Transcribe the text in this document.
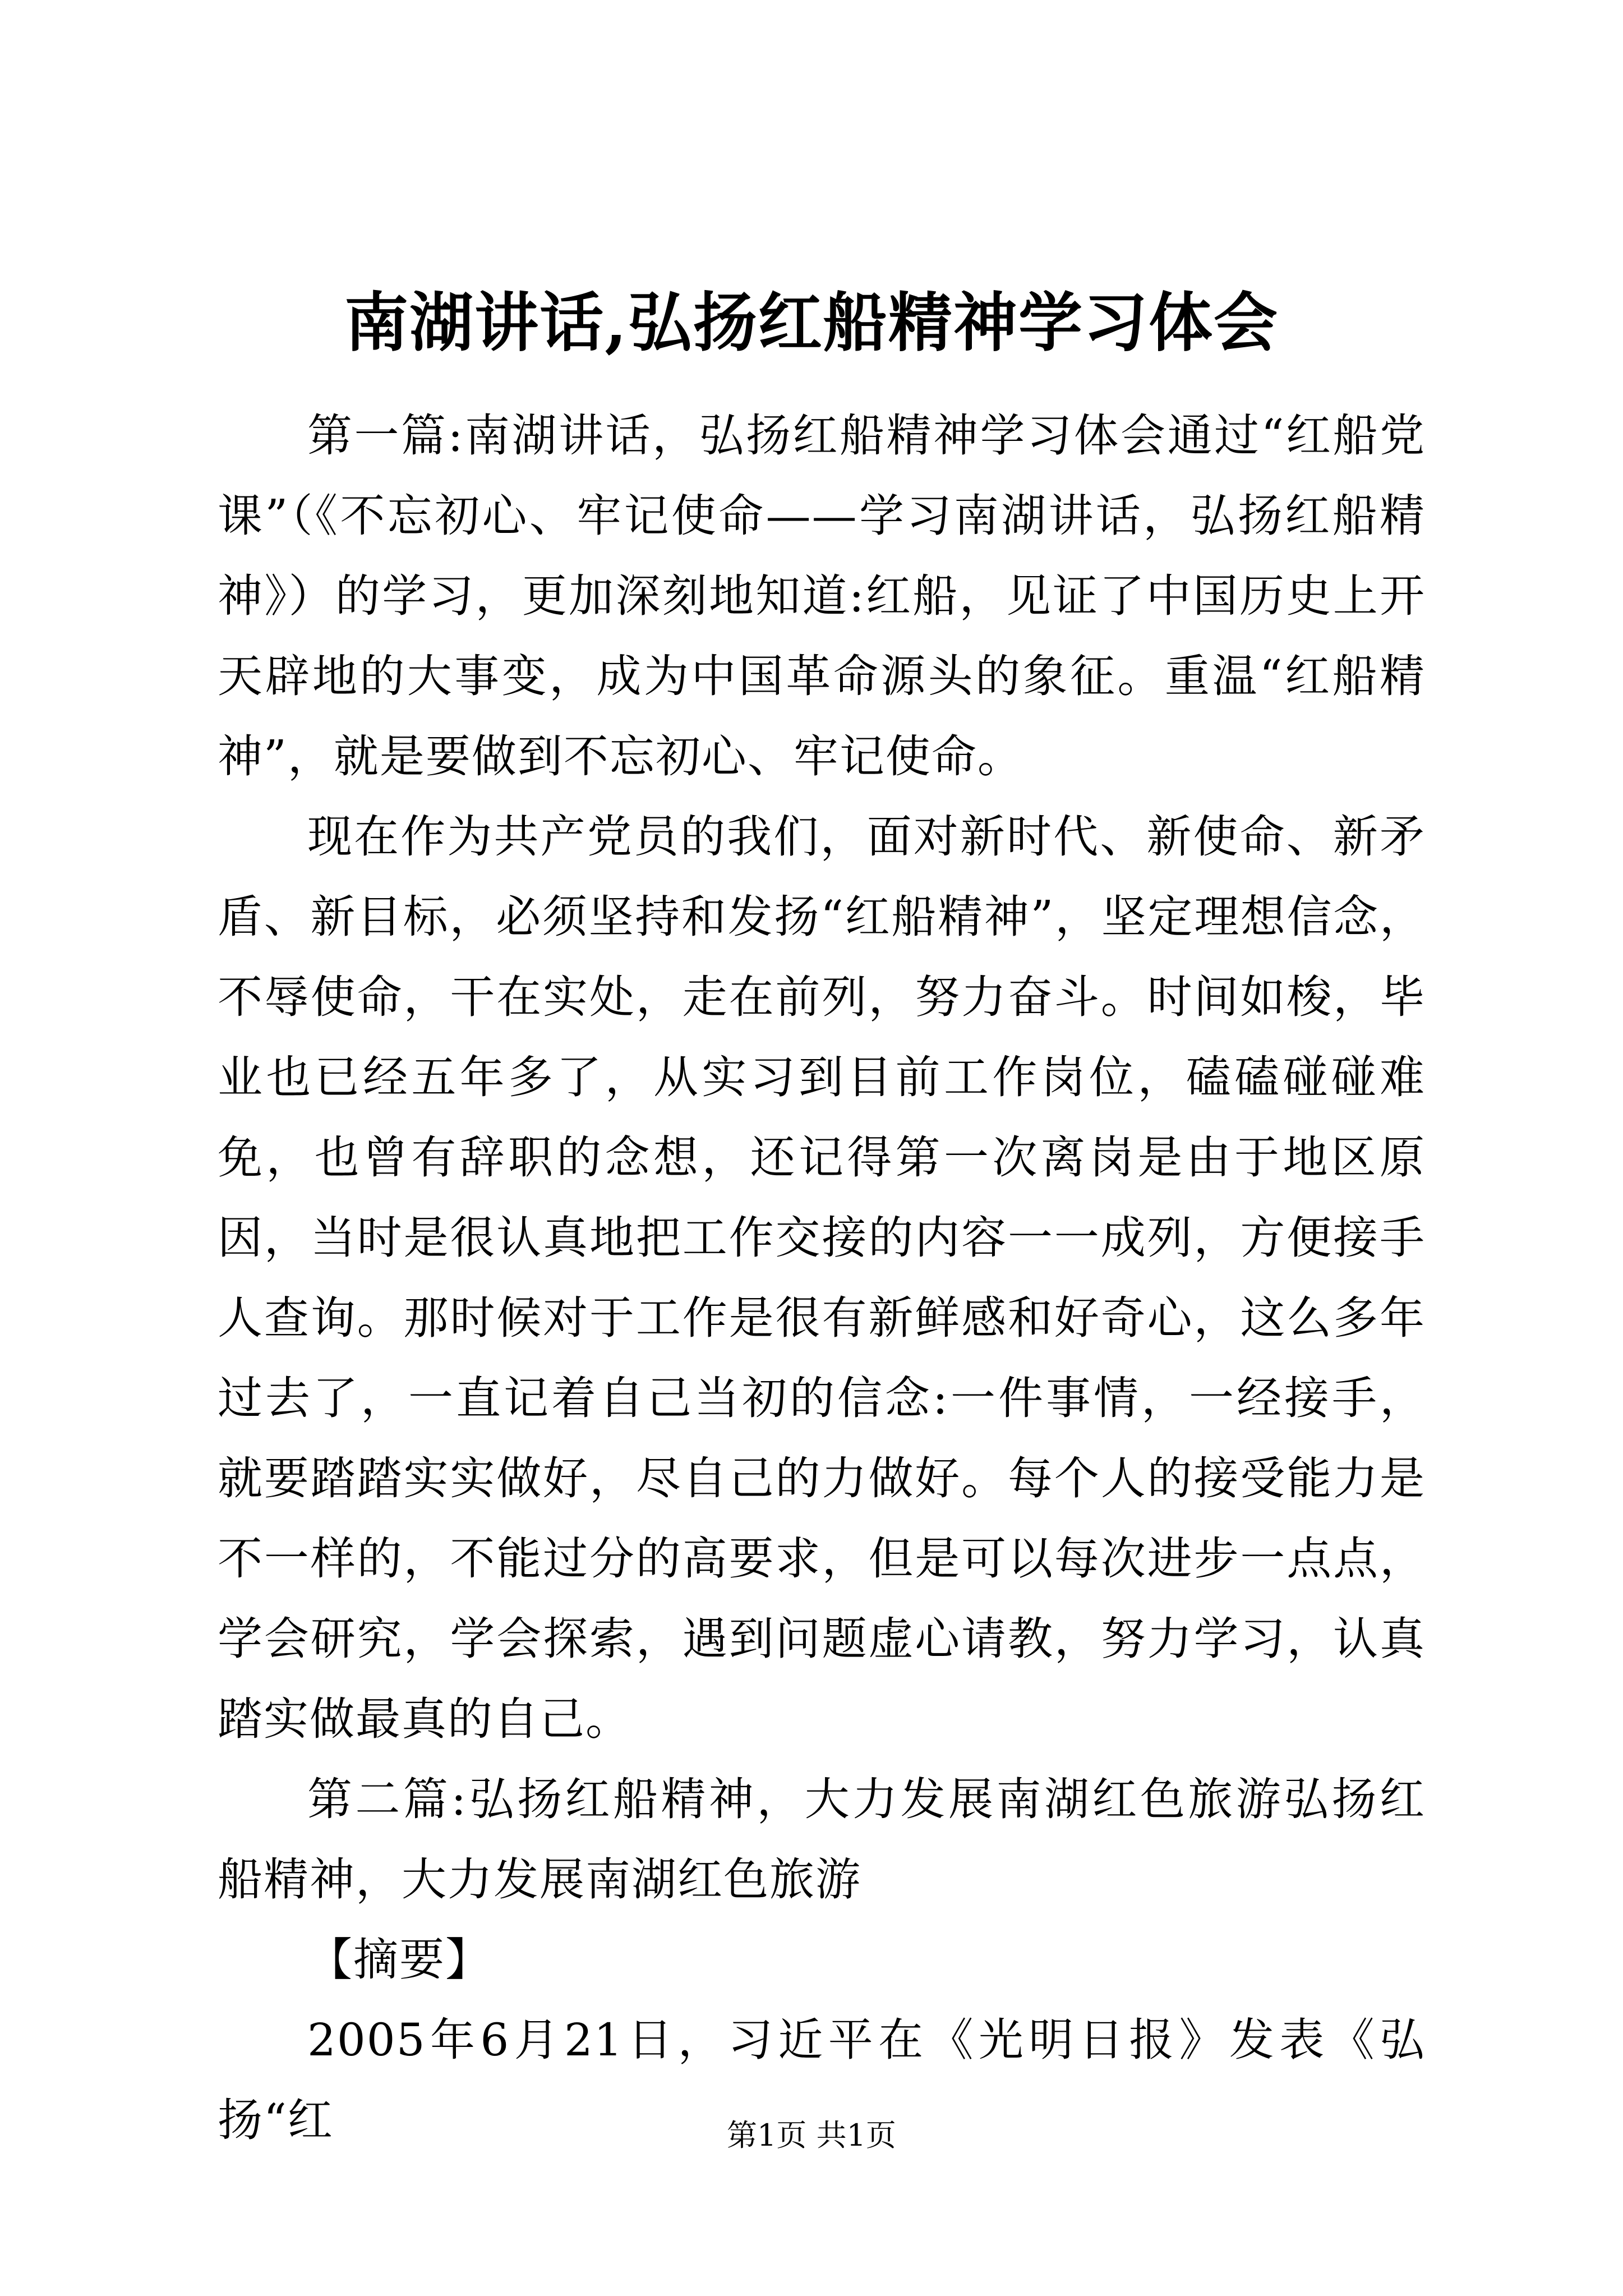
南湖讲话,弘扬红船精神学习体会

第一篇:南湖讲话，弘扬红船精神学习体会通过“红船党课”（《不忘初心、牢记使命——学习南湖讲话，弘扬红船精神》）的学习，更加深刻地知道:红船，见证了中国历史上开天辟地的大事变，成为中国革命源头的象征。重温“红船精神”，就是要做到不忘初心、牢记使命。

现在作为共产党员的我们，面对新时代、新使命、新矛盾、新目标，必须坚持和发扬“红船精神”，坚定理想信念，不辱使命，干在实处，走在前列，努力奋斗。时间如梭，毕业也已经五年多了，从实习到目前工作岗位，磕磕碰碰难免，也曾有辞职的念想，还记得第一次离岗是由于地区原因，当时是很认真地把工作交接的内容一一成列，方便接手人查询。那时候对于工作是很有新鲜感和好奇心，这么多年过去了，一直记着自己当初的信念:一件事情，一经接手，就要踏踏实实做好，尽自己的力做好。每个人的接受能力是不一样的，不能过分的高要求，但是可以每次进步一点点，学会研究，学会探索，遇到问题虚心请教，努力学习，认真踏实做最真的自己。

第二篇:弘扬红船精神，大力发展南湖红色旅游弘扬红船精神，大力发展南湖红色旅游

【摘要】

2005年6月21日，习近平在《光明日报》发表《弘扬“红	第1页 共1页
